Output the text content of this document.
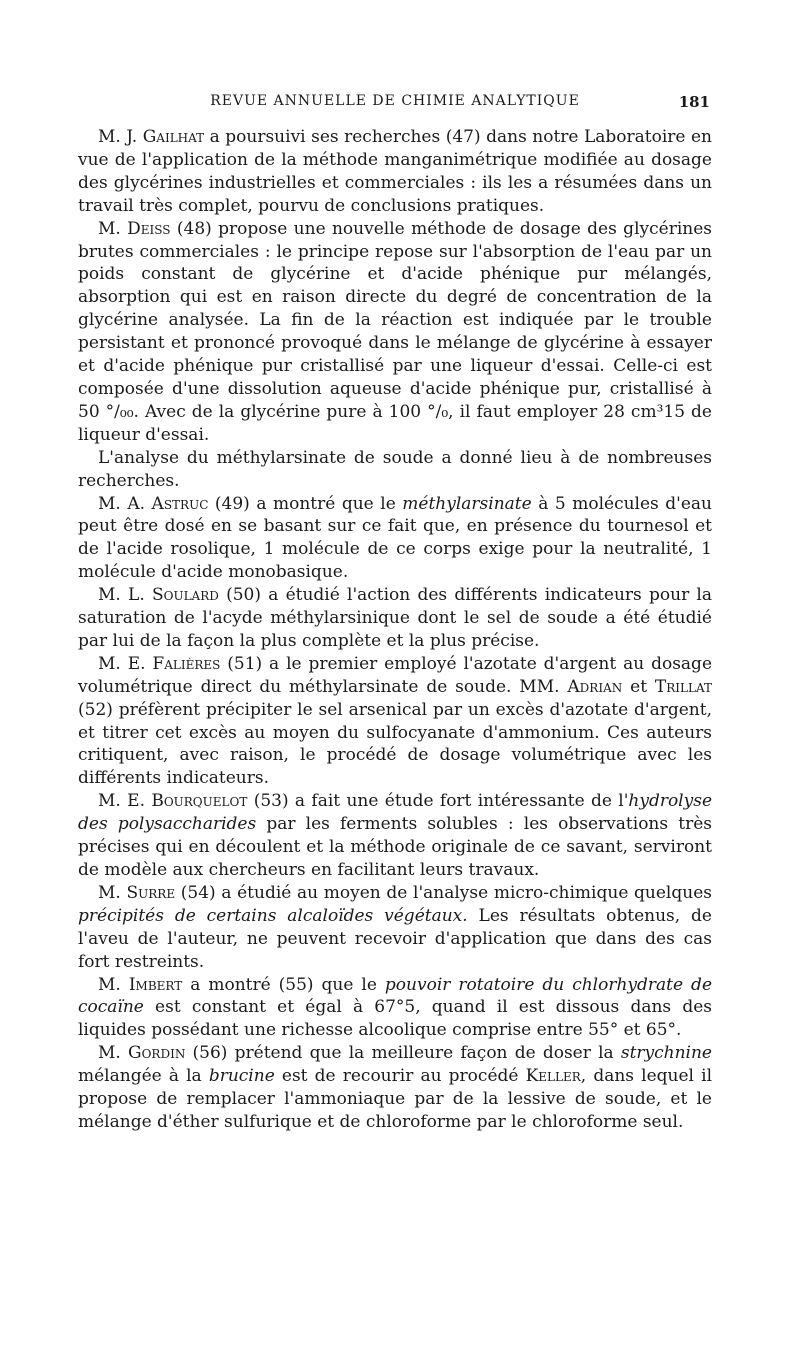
REVUE ANNUELLE DE CHIMIE ANALYTIQUE	181

M. J. Gailhat a poursuivi ses recherches (47) dans notre Laboratoire en vue de l'application de la méthode manganimétrique modifiée au dosage des glycérines industrielles et commerciales : ils les a résumées dans un travail très complet, pourvu de conclusions pratiques.

M. Deiss (48) propose une nouvelle méthode de dosage des glycérines brutes commerciales : le principe repose sur l'absorption de l'eau par un poids constant de glycérine et d'acide phénique pur mélangés, absorption qui est en raison directe du degré de concentration de la glycérine analysée. La fin de la réaction est indiquée par le trouble persistant et prononcé provoqué dans le mélange de glycérine à essayer et d'acide phénique pur cristallisé par une liqueur d'essai. Celle-ci est composée d'une dissolution aqueuse d'acide phénique pur, cristallisé à 50 °/₀₀. Avec de la glycérine pure à 100 °/₀, il faut employer 28 cm³15 de liqueur d'essai.

L'analyse du méthylarsinate de soude a donné lieu à de nombreuses recherches.

M. A. Astruc (49) a montré que le méthylarsinate à 5 molécules d'eau peut être dosé en se basant sur ce fait que, en présence du tournesol et de l'acide rosolique, 1 molécule de ce corps exige pour la neutralité, 1 molécule d'acide monobasique.

M. L. Soulard (50) a étudié l'action des différents indicateurs pour la saturation de l'acyde méthylarsinique dont le sel de soude a été étudié par lui de la façon la plus complète et la plus précise.

M. E. Falières (51) a le premier employé l'azotate d'argent au dosage volumétrique direct du méthylarsinate de soude. MM. Adrian et Trillat (52) préfèrent précipiter le sel arsenical par un excès d'azotate d'argent, et titrer cet excès au moyen du sulfocyanate d'ammonium. Ces auteurs critiquent, avec raison, le procédé de dosage volumétrique avec les différents indicateurs.

M. E. Bourquelot (53) a fait une étude fort intéressante de l'hydrolyse des polysaccharides par les ferments solubles : les observations très précises qui en découlent et la méthode originale de ce savant, serviront de modèle aux chercheurs en facilitant leurs travaux.

M. Surre (54) a étudié au moyen de l'analyse micro-chimique quelques précipités de certains alcaloïdes végétaux. Les résultats obtenus, de l'aveu de l'auteur, ne peuvent recevoir d'application que dans des cas fort restreints.

M. Imbert a montré (55) que le pouvoir rotatoire du chlorhydrate de cocaïne est constant et égal à 67°5, quand il est dissous dans des liquides possédant une richesse alcoolique comprise entre 55° et 65°.

M. Gordin (56) prétend que la meilleure façon de doser la strychnine mélangée à la brucine est de recourir au procédé Keller, dans lequel il propose de remplacer l'ammoniaque par de la lessive de soude, et le mélange d'éther sulfurique et de chloroforme par le chloroforme seul.
